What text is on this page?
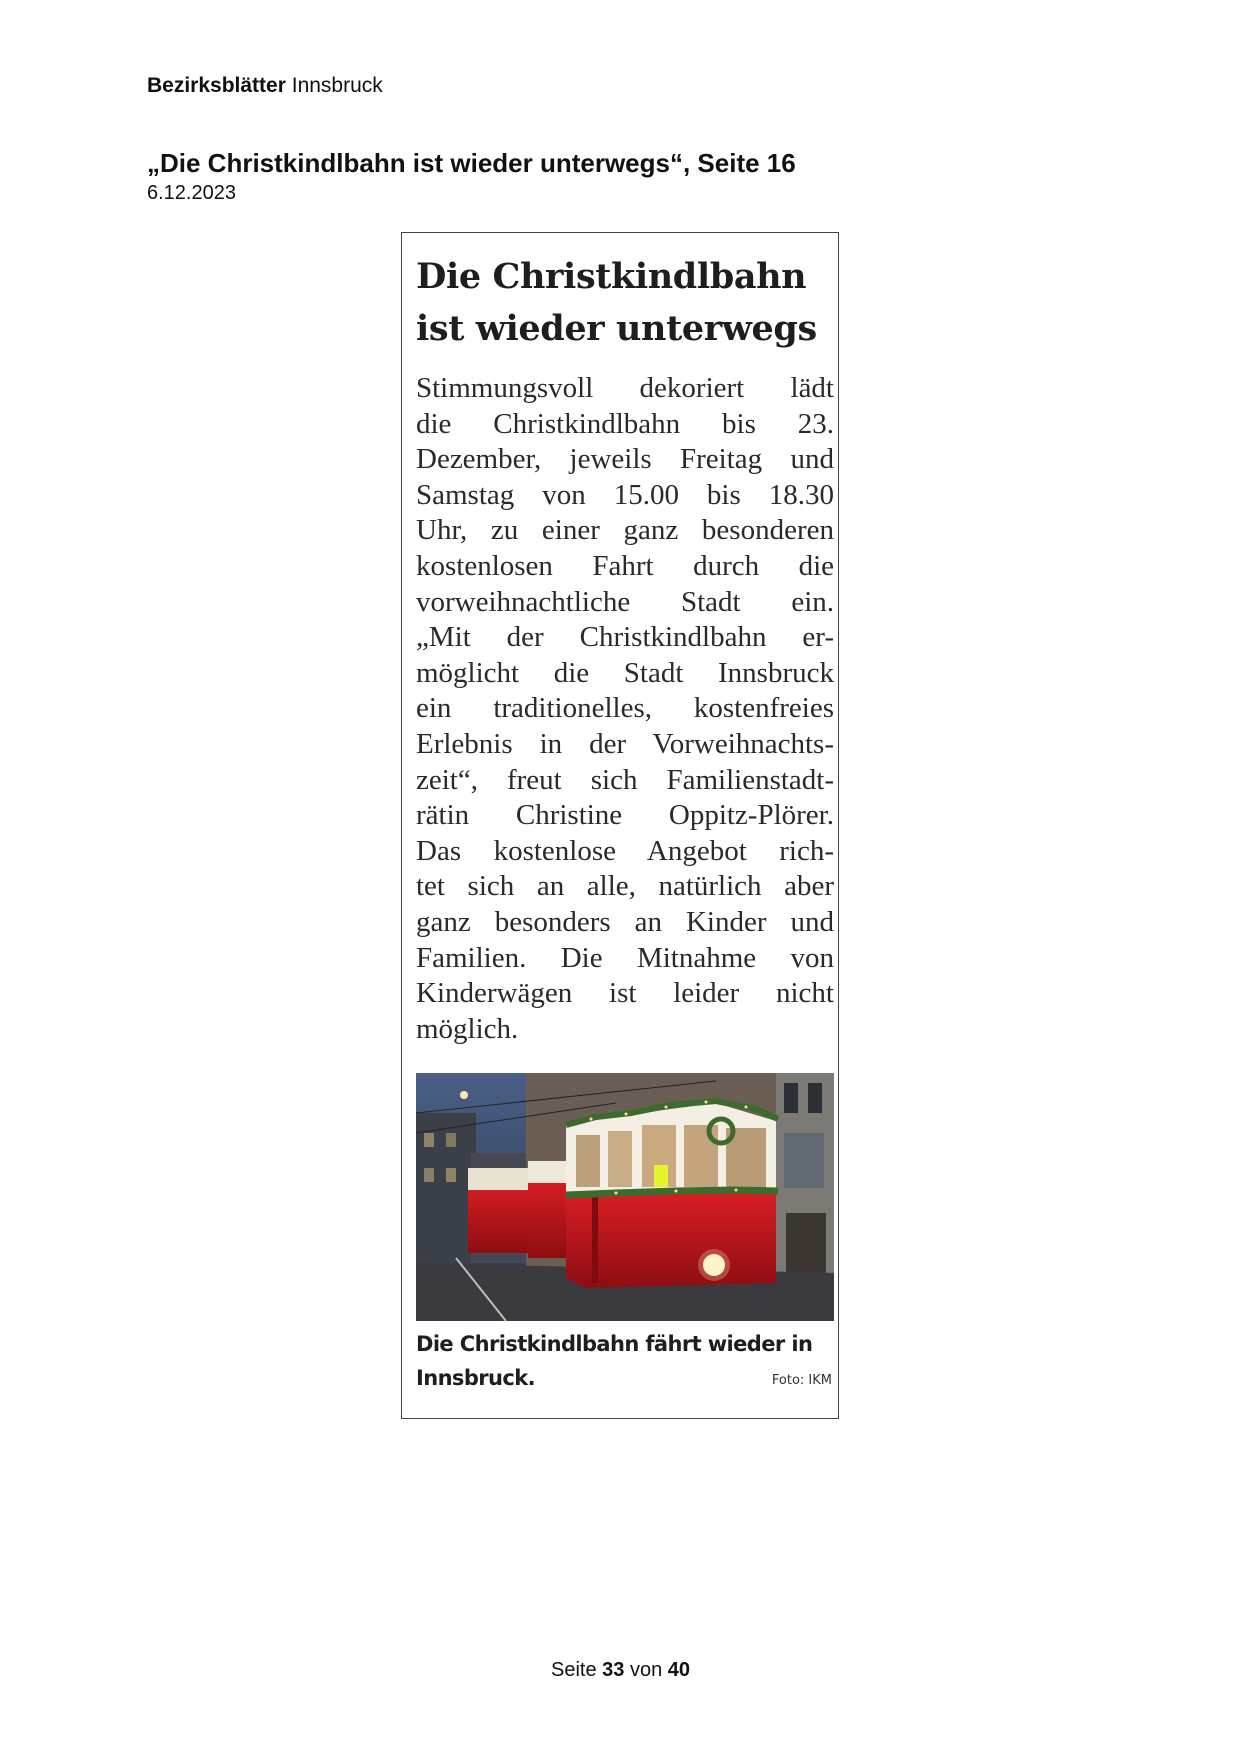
Bezirksblätter Innsbruck
„Die Christkindlbahn ist wieder unterwegs“, Seite 16
6.12.2023
Die Christkindlbahn
ist wieder unterwegs
Stimmungsvoll dekoriert lädt
die Christkindlbahn bis 23.
Dezember, jeweils Freitag und
Samstag von 15.00 bis 18.30
Uhr, zu einer ganz besonderen
kostenlosen Fahrt durch die
vorweihnachtliche Stadt ein.
„Mit der Christkindlbahn er-
möglicht die Stadt Innsbruck
ein traditionelles, kostenfreies
Erlebnis in der Vorweihnachts-
zeit“, freut sich Familienstadt-
rätin Christine Oppitz-Plörer.
Das kostenlose Angebot rich-
tet sich an alle, natürlich aber
ganz besonders an Kinder und
Familien. Die Mitnahme von
Kinderwägen ist leider nicht
möglich.
Die Christkindlbahn fährt wieder in
Innsbruck.	Foto: IKM
Seite 33 von 40
